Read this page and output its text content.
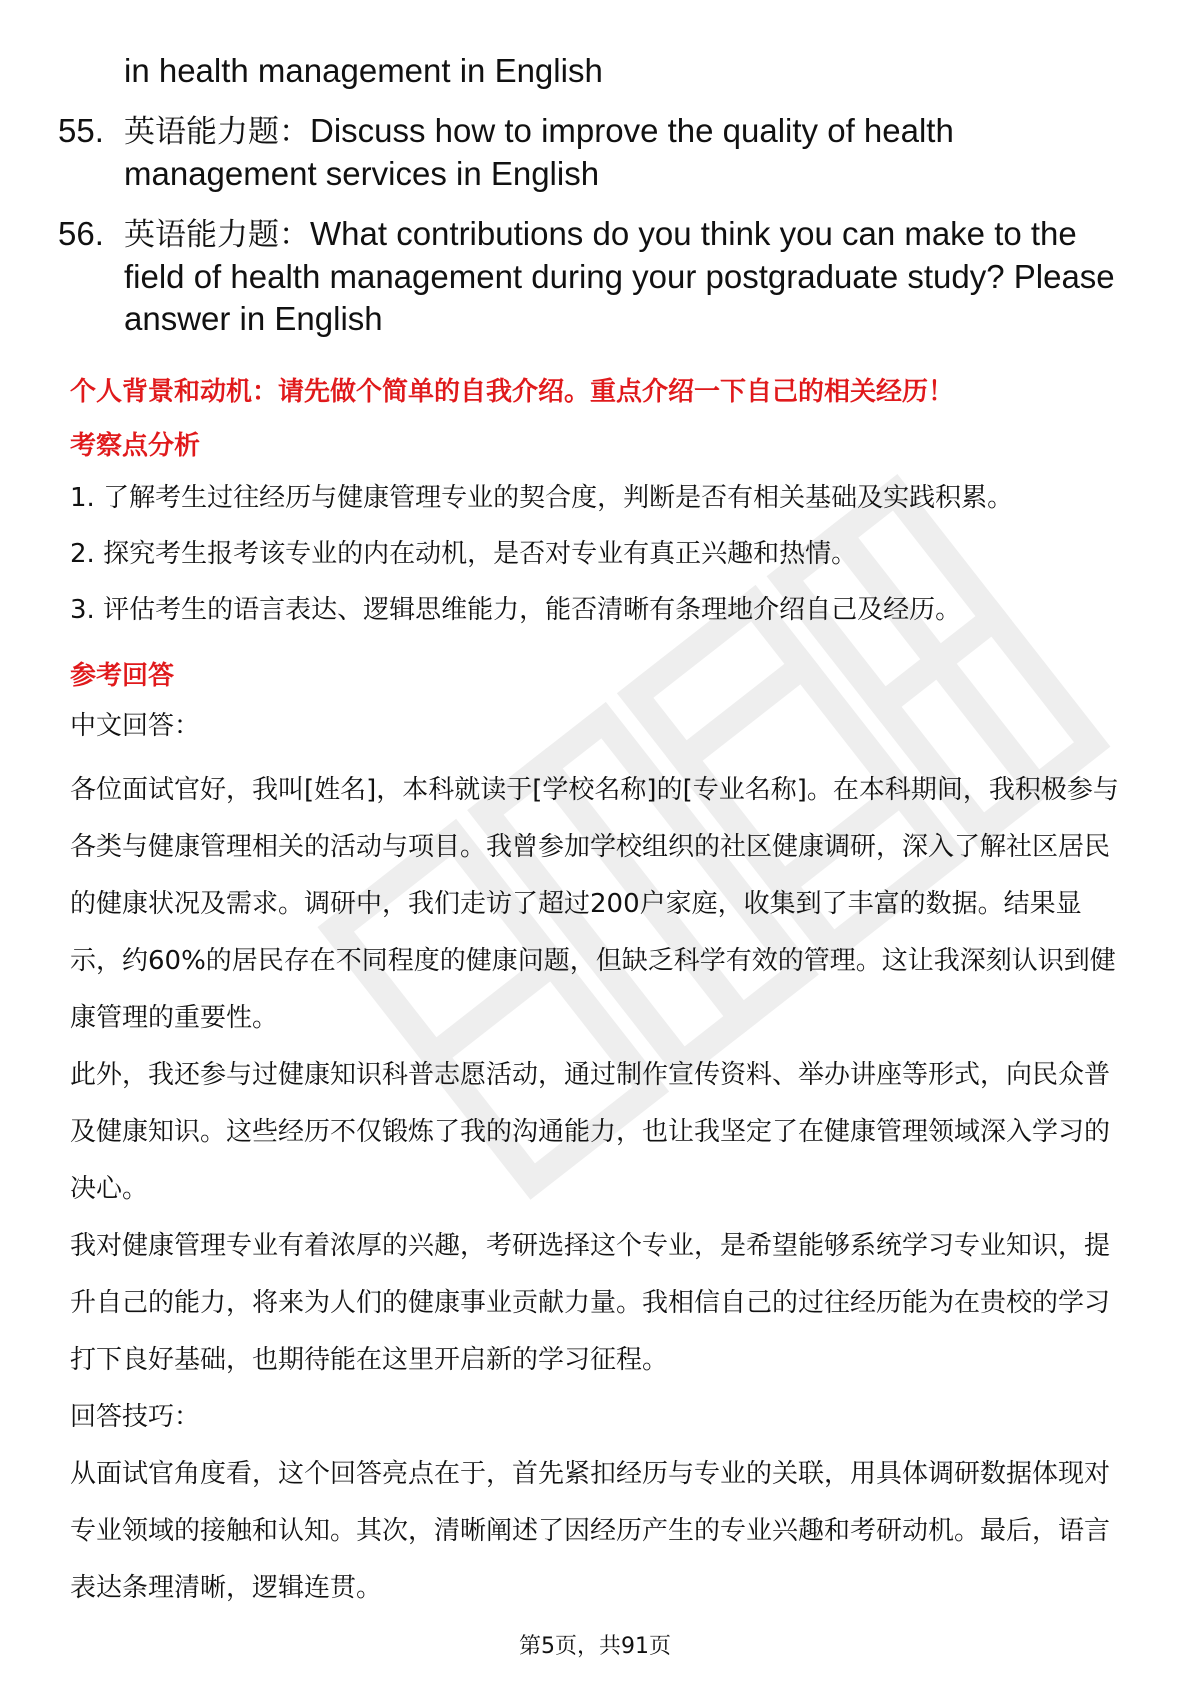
in health management in English
55. 英语能力题：Discuss how to improve the quality of health management services in English
56. 英语能力题：What contributions do you think you can make to the field of health management during your postgraduate study? Please answer in English
个人背景和动机：请先做个简单的自我介绍。重点介绍一下自己的相关经历！
考察点分析
1. 了解考生过往经历与健康管理专业的契合度，判断是否有相关基础及实践积累。
2. 探究考生报考该专业的内在动机，是否对专业有真正兴趣和热情。
3. 评估考生的语言表达、逻辑思维能力，能否清晰有条理地介绍自己及经历。
参考回答
中文回答：
各位面试官好，我叫[姓名]，本科就读于[学校名称]的[专业名称]。在本科期间，我积极参与各类与健康管理相关的活动与项目。我曾参加学校组织的社区健康调研，深入了解社区居民的健康状况及需求。调研中，我们走访了超过200户家庭，收集到了丰富的数据。结果显示，约60%的居民存在不同程度的健康问题，但缺乏科学有效的管理。这让我深刻认识到健康管理的重要性。
此外，我还参与过健康知识科普志愿活动，通过制作宣传资料、举办讲座等形式，向民众普及健康知识。这些经历不仅锻炼了我的沟通能力，也让我坚定了在健康管理领域深入学习的决心。
我对健康管理专业有着浓厚的兴趣，考研选择这个专业，是希望能够系统学习专业知识，提升自己的能力，将来为人们的健康事业贡献力量。我相信自己的过往经历能为在贵校的学习打下良好基础，也期待能在这里开启新的学习征程。
回答技巧：
从面试官角度看，这个回答亮点在于，首先紧扣经历与专业的关联，用具体调研数据体现对专业领域的接触和认知。其次，清晰阐述了因经历产生的专业兴趣和考研动机。最后，语言表达条理清晰，逻辑连贯。
第5页，共91页
